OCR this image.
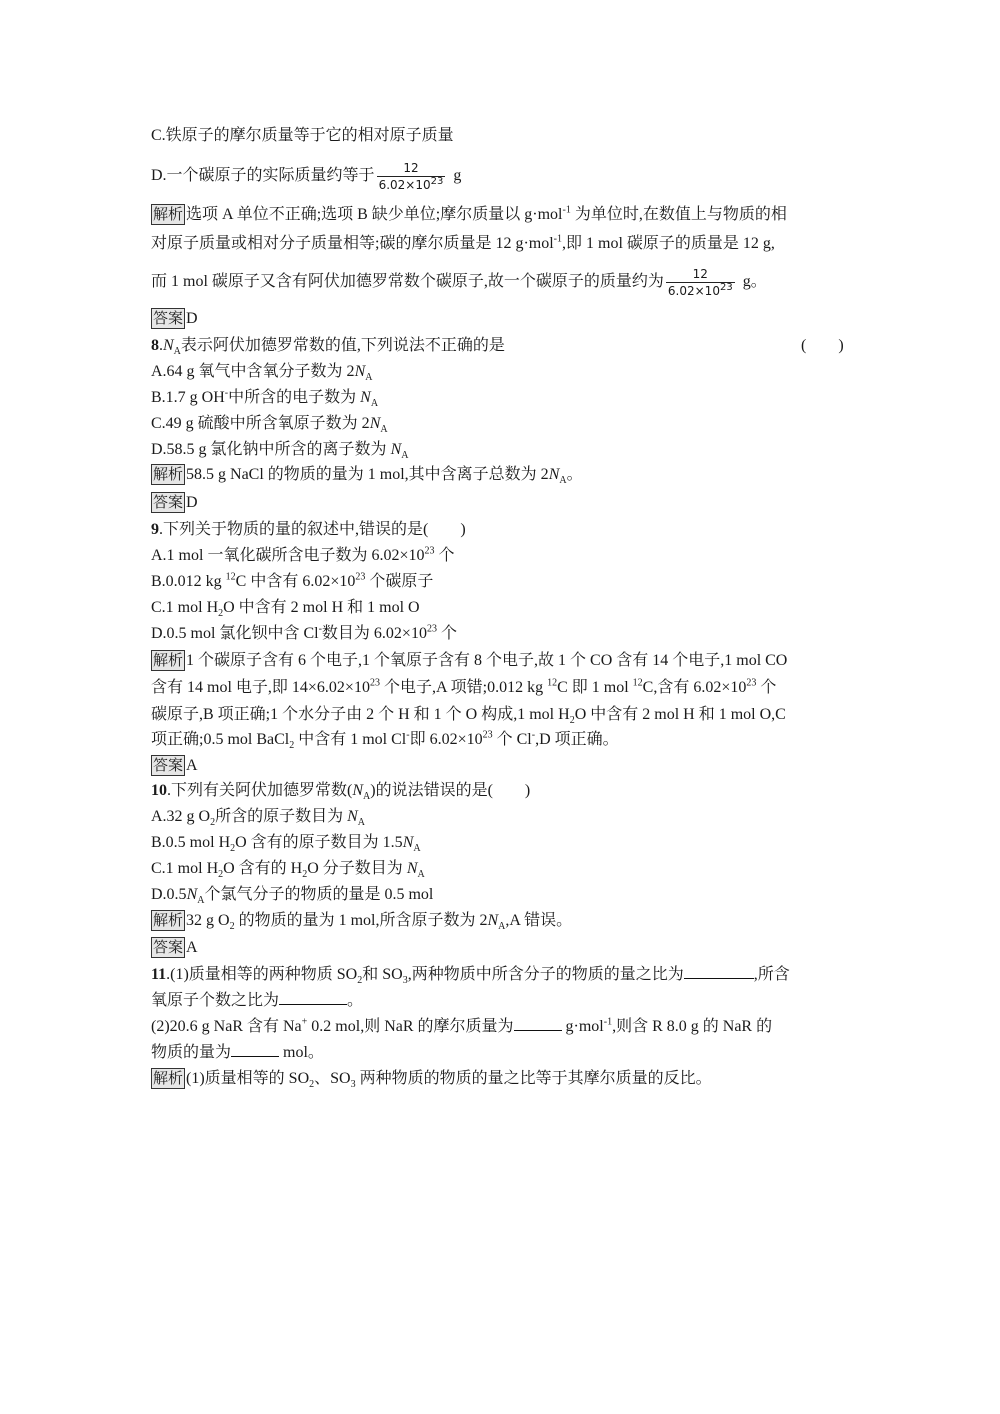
C.铁原子的摩尔质量等于它的相对原子质量
D.一个碳原子的实际质量约等于 $\frac{12}{6.02\times 10^{23}}$ g
解析 选项 A 单位不正确;选项 B 缺少单位;摩尔质量以 g·mol$^{-1}$ 为单位时,在数值上与物质的相
对原子质量或相对分子质量相等;碳的摩尔质量是 12 g·mol$^{-1}$,即 1 mol 碳原子的质量是 12 g,
而 1 mol 碳原子又含有阿伏加德罗常数个碳原子,故一个碳原子的质量约为 $\frac{12}{6.02\times 10^{23}}$ g。
答案 D
$8.N_A$表示阿伏加德罗常数的值,下列说法不正确的是	(　　)
A.64 g 氧气中含氧分子数为 $2N_A$
B.1.7 g OH-中所含的电子数为 $N_A$
C.49 g 硫酸中所含氧原子数为 $2N_A$
D.58.5 g 氯化钠中所含的离子数为 $N_A$
解析 58.5 g NaCl 的物质的量为 1 mol,其中含离子总数为 $2N_A$。
答案 D
9.下列关于物质的量的叙述中,错误的是(　　)
A.1 mol 一氧化碳所含电子数为 $6.02\times 10^{23}$ 个
B.0.012 kg $^{12}$C 中含有 $6.02\times 10^{23}$ 个碳原子
C.1 mol $H_2O$ 中含有 2 mol H 和 1 mol O
D.0.5 mol 氯化钡中含 Cl-数目为 $6.02\times 10^{23}$ 个
解析 1 个碳原子含有 6 个电子,1 个氧原子含有 8 个电子,故 1 个 CO 含有 14 个电子,1 mol CO
含有 14 mol 电子,即 $14\times 6.02\times 10^{23}$ 个电子,A 项错;0.012 kg $^{12}$C 即 1 mol $^{12}$C,含有 $6.02\times 10^{23}$ 个
碳原子,B 项正确;1 个水分子由 2 个 H 和 1 个 O 构成,1 mol $H_2O$ 中含有 2 mol H 和 1 mol O,C
项正确;0.5 mol BaCl$_2$ 中含有 1 mol Cl-即 $6.02\times 10^{23}$ 个 Cl-,D 项正确。
答案 A
10.下列有关阿伏加德罗常数$(N_A)$的说法错误的是(　　)
A.32 g $O_2$所含的原子数目为 $N_A$
B.0.5 mol $H_2O$ 含有的原子数目为 $1.5N_A$
C.1 mol $H_2O$ 含有的 $H_2O$ 分子数目为 $N_A$
$D.0.5N_A$个氯气分子的物质的量是 0.5 mol
解析 32 g $O_2$ 的物质的量为 1 mol,所含原子数为 $2N_A,A$ 错误。
答案 A
11.(1)质量相等的两种物质 $SO_2$和 $SO_3$,两种物质中所含分子的物质的量之比为	,所含
氧原子个数之比为	。
(2)20.6 g NaR 含有 Na+ 0.2 mol,则 NaR 的摩尔质量为	g·mol$^{-1}$,则含 R 8.0 g 的 NaR 的
物质的量为	mol。
解析 (1)质量相等的 $SO_2$、$SO_3$ 两种物质的物质的量之比等于其摩尔质量的反比。
